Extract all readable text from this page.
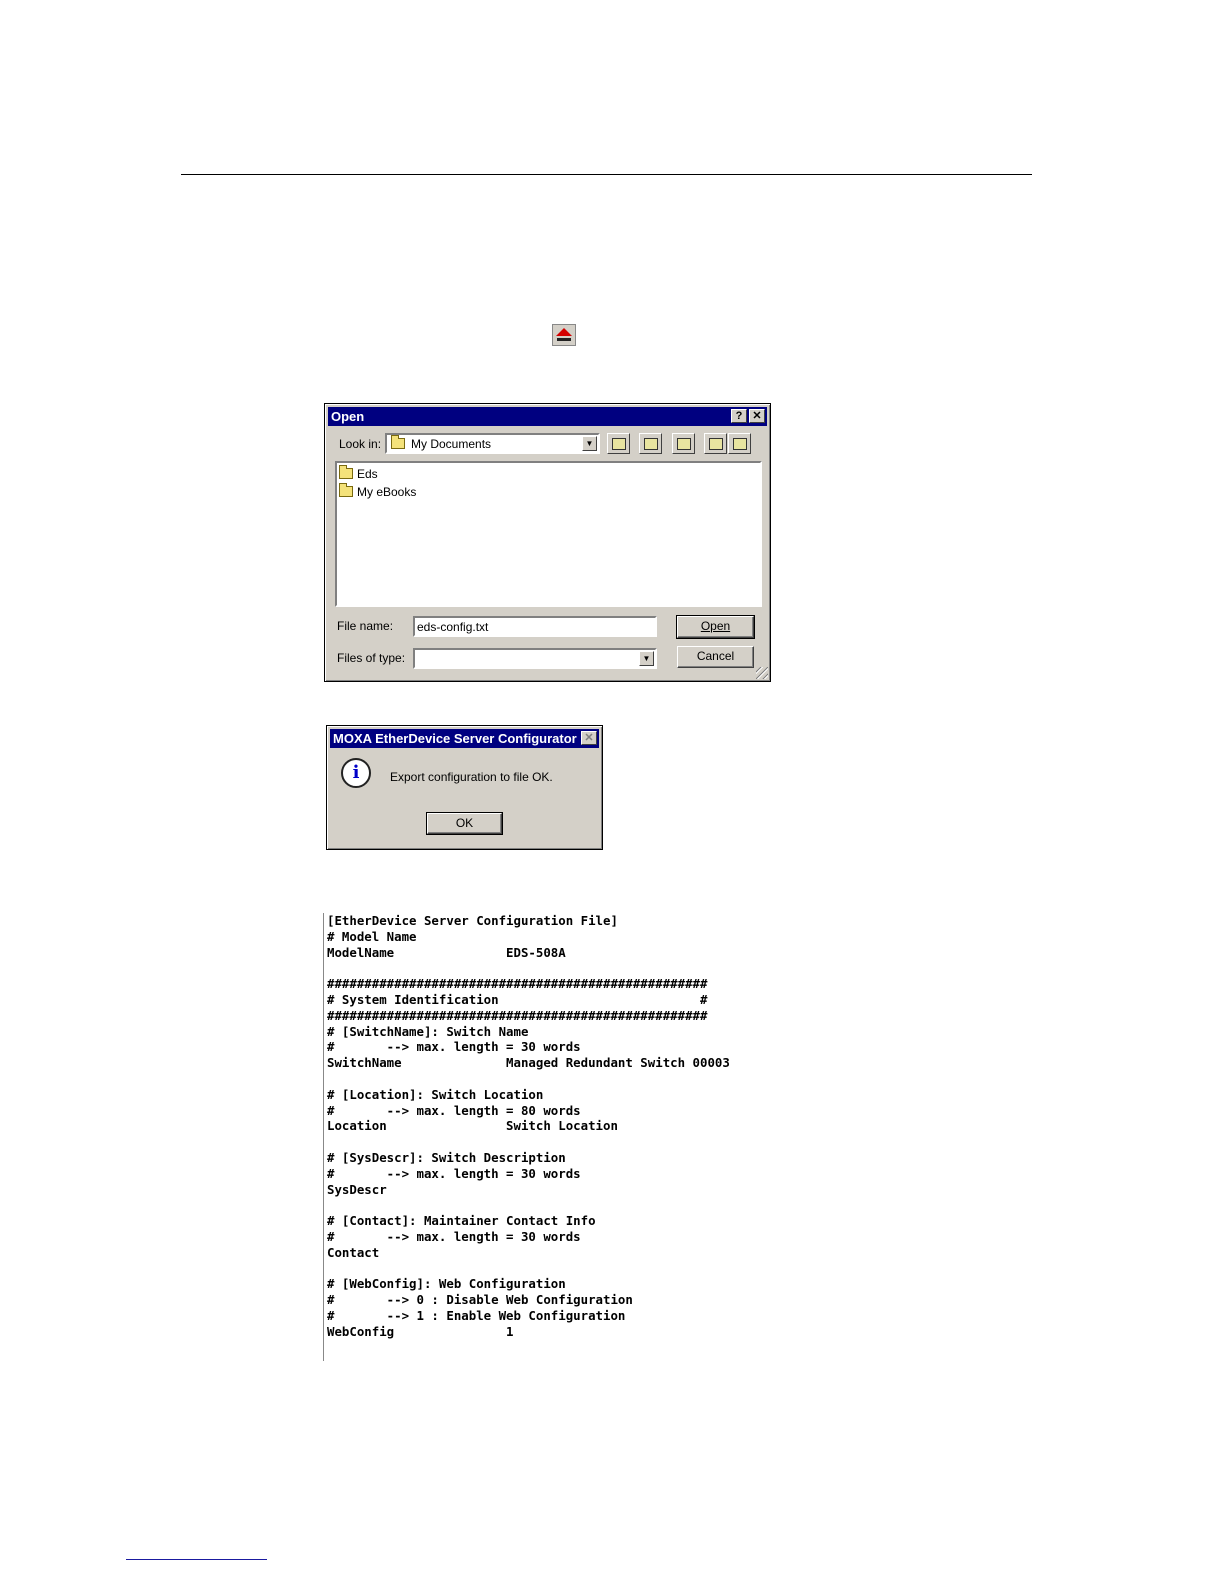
Open	? ✕
Look in: My Documents	▼
Eds
My eBooks
File name:	eds-config.txt	Open
Files of type:	▼	Cancel
MOXA EtherDevice Server Configurator ✕
i	Export configuration to file OK.
OK
[EtherDevice Server Configuration File]
# Model Name
ModelName               EDS-508A

###################################################
# System Identification                           #
###################################################
# [SwitchName]: Switch Name
#       --> max. length = 30 words
SwitchName              Managed Redundant Switch 00003

# [Location]: Switch Location
#       --> max. length = 80 words
Location                Switch Location

# [SysDescr]: Switch Description
#       --> max. length = 30 words
SysDescr

# [Contact]: Maintainer Contact Info
#       --> max. length = 30 words
Contact

# [WebConfig]: Web Configuration
#       --> 0 : Disable Web Configuration
#       --> 1 : Enable Web Configuration
WebConfig               1
